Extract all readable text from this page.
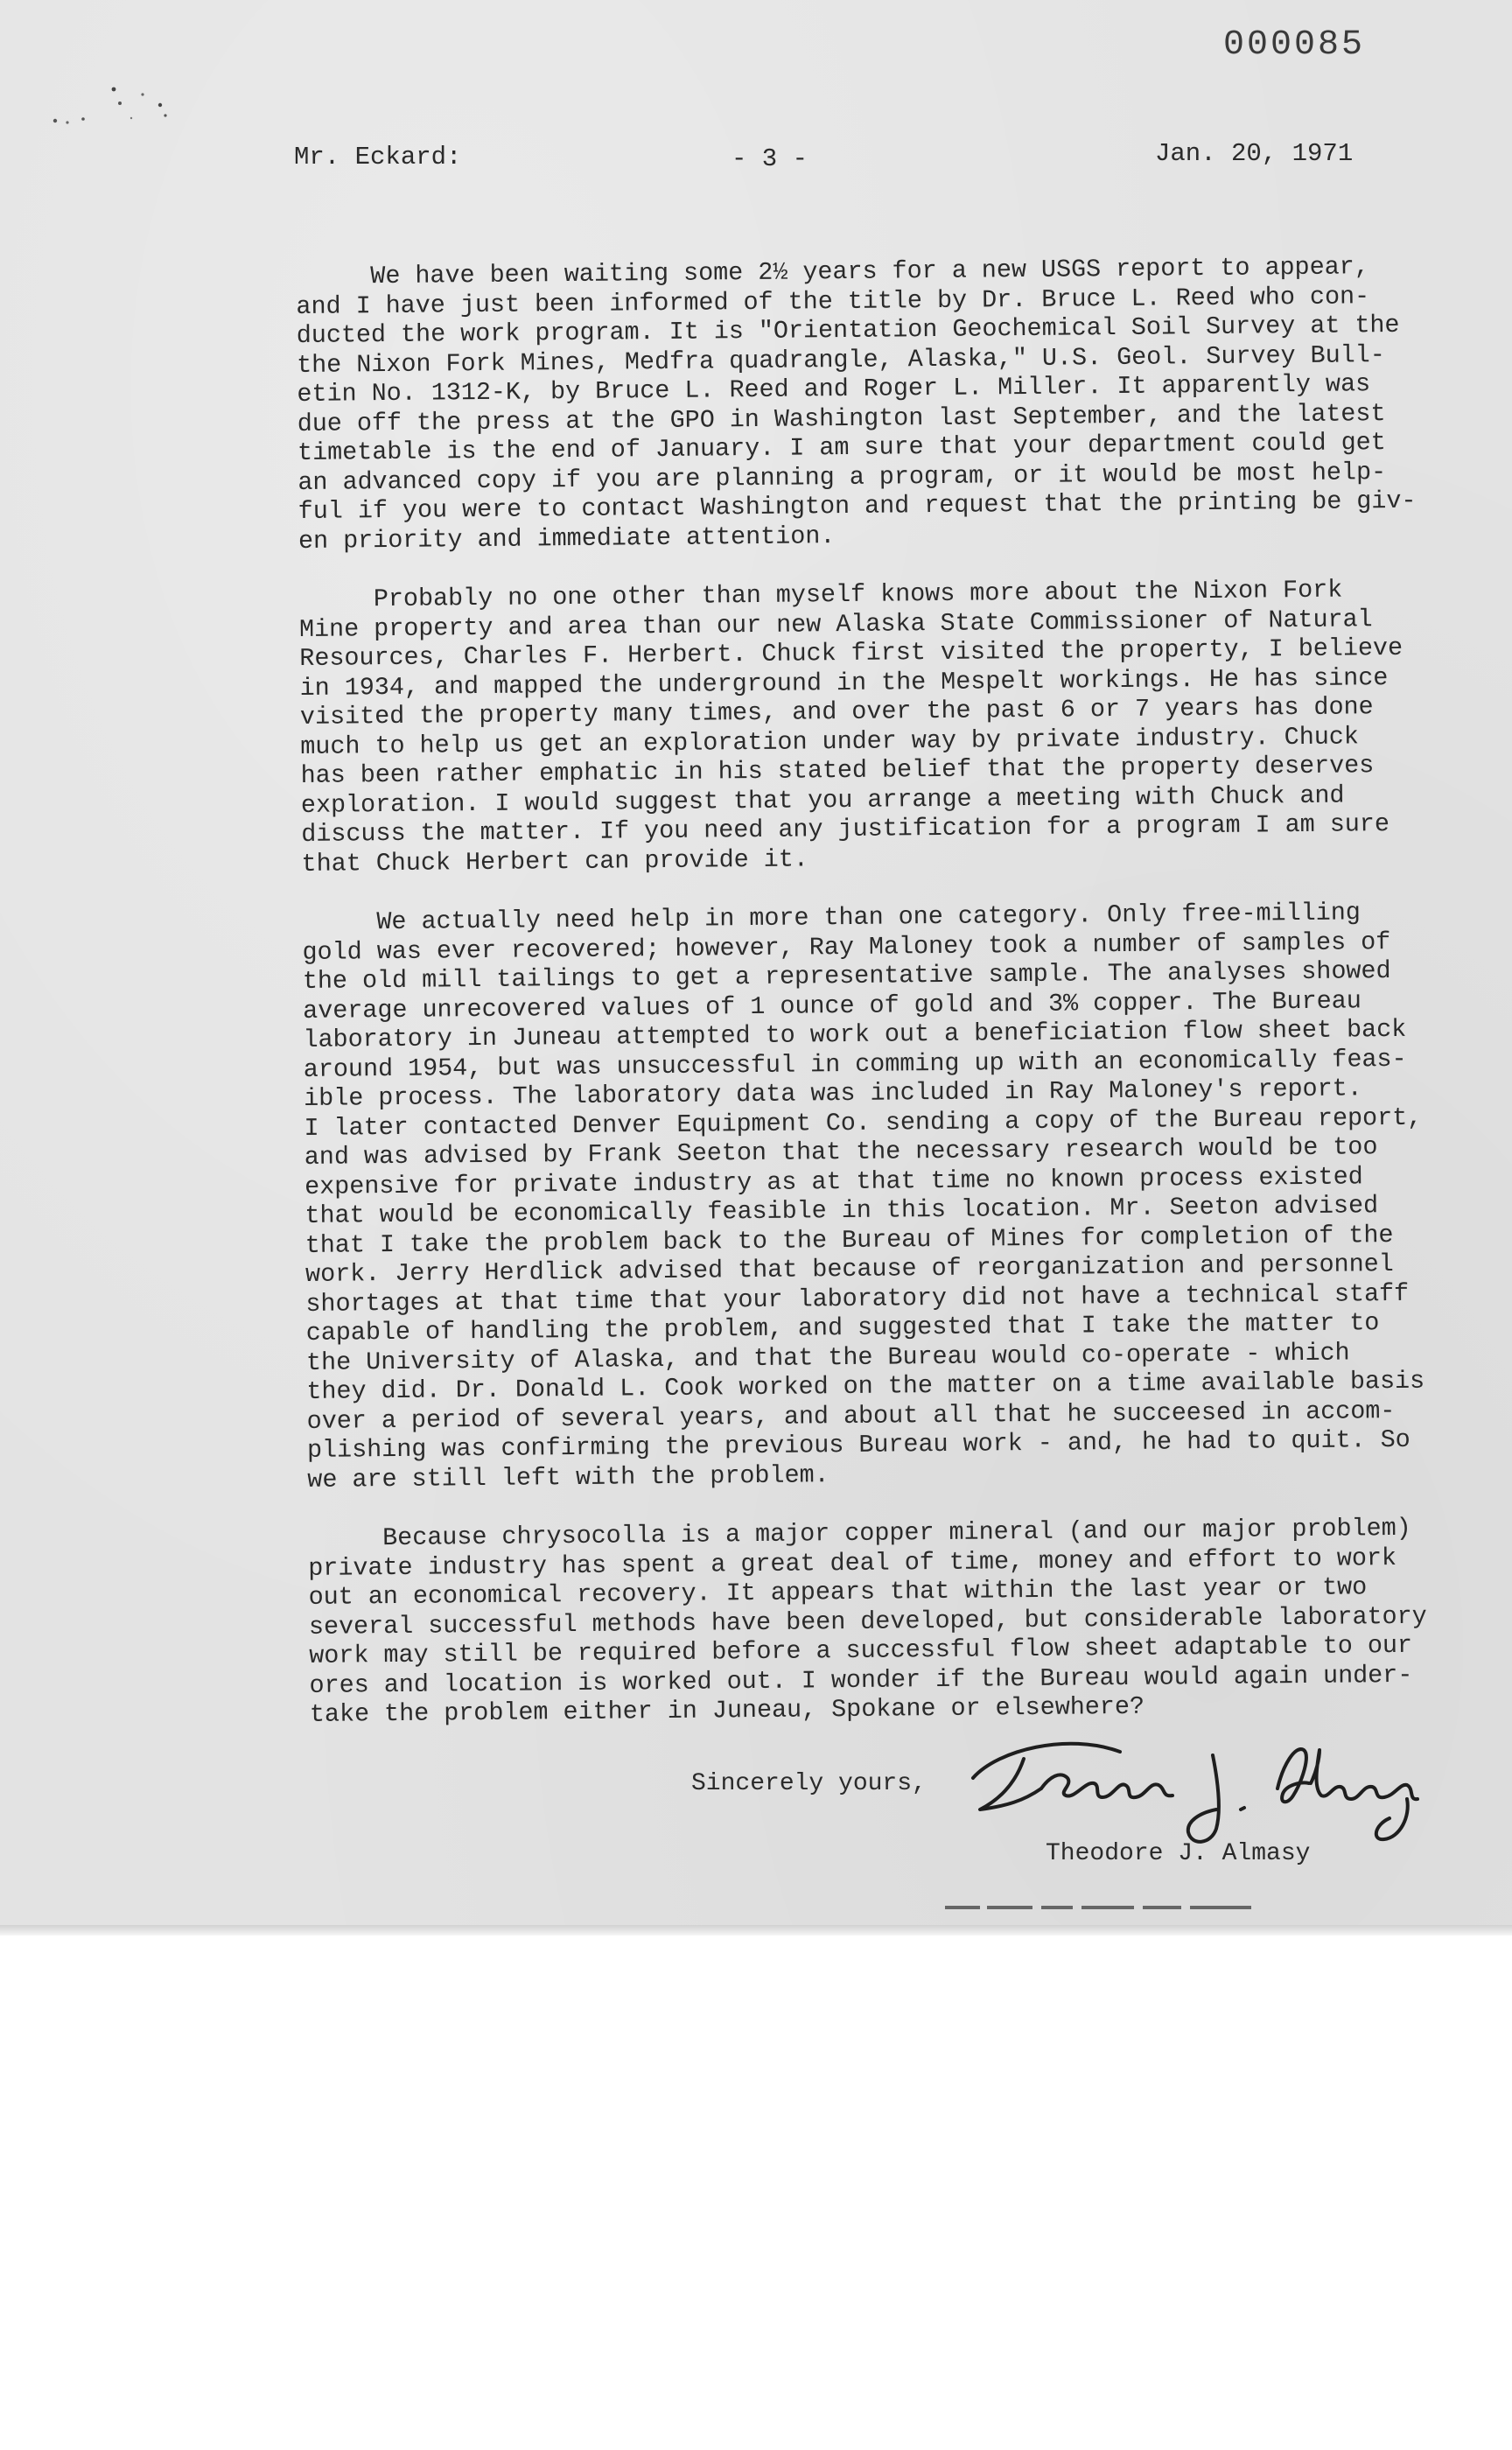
000085
Mr. Eckard:	- 3 -	Jan. 20, 1971
We have been waiting some 2½ years for a new USGS report to appear,
and I have just been informed of the title by Dr. Bruce L. Reed who con-
ducted the work program. It is "Orientation Geochemical Soil Survey at the
the Nixon Fork Mines, Medfra quadrangle, Alaska," U.S. Geol. Survey Bull-
etin No. 1312-K, by Bruce L. Reed and Roger L. Miller. It apparently was
due off the press at the GPO in Washington last September, and the latest
timetable is the end of January. I am sure that your department could get
an advanced copy if you are planning a program, or it would be most help-
ful if you were to contact Washington and request that the printing be giv-
en priority and immediate attention.
Probably no one other than myself knows more about the Nixon Fork
Mine property and area than our new Alaska State Commissioner of Natural
Resources, Charles F. Herbert. Chuck first visited the property, I believe
in 1934, and mapped the underground in the Mespelt workings. He has since
visited the property many times, and over the past 6 or 7 years has done
much to help us get an exploration under way by private industry. Chuck
has been rather emphatic in his stated belief that the property deserves
exploration. I would suggest that you arrange a meeting with Chuck and
discuss the matter. If you need any justification for a program I am sure
that Chuck Herbert can provide it.
We actually need help in more than one category. Only free-milling
gold was ever recovered; however, Ray Maloney took a number of samples of
the old mill tailings to get a representative sample. The analyses showed
average unrecovered values of 1 ounce of gold and 3% copper. The Bureau
laboratory in Juneau attempted to work out a beneficiation flow sheet back
around 1954, but was unsuccessful in comming up with an economically feas-
ible process. The laboratory data was included in Ray Maloney's report.
I later contacted Denver Equipment Co. sending a copy of the Bureau report,
and was advised by Frank Seeton that the necessary research would be too
expensive for private industry as at that time no known process existed
that would be economically feasible in this location. Mr. Seeton advised
that I take the problem back to the Bureau of Mines for completion of the
work. Jerry Herdlick advised that because of reorganization and personnel
shortages at that time that your laboratory did not have a technical staff
capable of handling the problem, and suggested that I take the matter to
the University of Alaska, and that the Bureau would co-operate - which
they did. Dr. Donald L. Cook worked on the matter on a time available basis
over a period of several years, and about all that he succeesed in accom-
plishing was confirming the previous Bureau work - and, he had to quit. So
we are still left with the problem.
Because chrysocolla is a major copper mineral (and our major problem)
private industry has spent a great deal of time, money and effort to work
out an economical recovery. It appears that within the last year or two
several successful methods have been developed, but considerable laboratory
work may still be required before a successful flow sheet adaptable to our
ores and location is worked out. I wonder if the Bureau would again under-
take the problem either in Juneau, Spokane or elsewhere?
Sincerely yours,
Theodore J. Almasy
